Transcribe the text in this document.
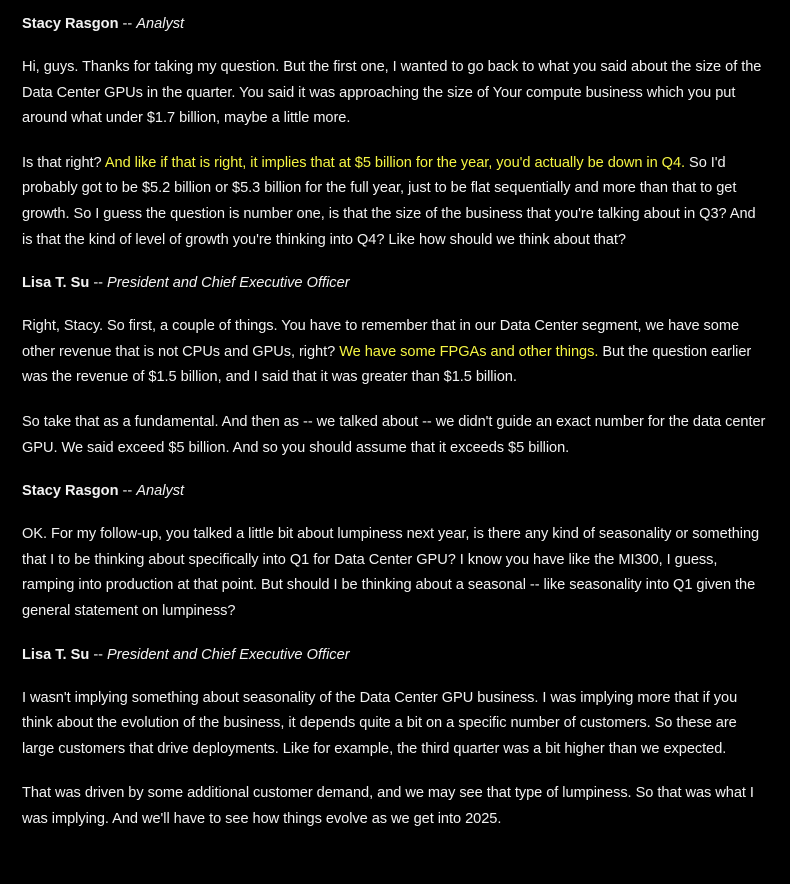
Stacy Rasgon -- Analyst

Hi, guys. Thanks for taking my question. But the first one, I wanted to go back to what you said about the size of the Data Center GPUs in the quarter. You said it was approaching the size of Your compute business which you put around what under $1.7 billion, maybe a little more.

Is that right? And like if that is right, it implies that at $5 billion for the year, you'd actually be down in Q4. So I'd probably got to be $5.2 billion or $5.3 billion for the full year, just to be flat sequentially and more than that to get growth. So I guess the question is number one, is that the size of the business that you're talking about in Q3? And is that the kind of level of growth you're thinking into Q4? Like how should we think about that?

Lisa T. Su -- President and Chief Executive Officer

Right, Stacy. So first, a couple of things. You have to remember that in our Data Center segment, we have some other revenue that is not CPUs and GPUs, right? We have some FPGAs and other things. But the question earlier was the revenue of $1.5 billion, and I said that it was greater than $1.5 billion.

So take that as a fundamental. And then as -- we talked about -- we didn't guide an exact number for the data center GPU. We said exceed $5 billion. And so you should assume that it exceeds $5 billion.

Stacy Rasgon -- Analyst

OK. For my follow-up, you talked a little bit about lumpiness next year, is there any kind of seasonality or something that I to be thinking about specifically into Q1 for Data Center GPU? I know you have like the MI300, I guess, ramping into production at that point. But should I be thinking about a seasonal -- like seasonality into Q1 given the general statement on lumpiness?

Lisa T. Su -- President and Chief Executive Officer

I wasn't implying something about seasonality of the Data Center GPU business. I was implying more that if you think about the evolution of the business, it depends quite a bit on a specific number of customers. So these are large customers that drive deployments. Like for example, the third quarter was a bit higher than we expected.

That was driven by some additional customer demand, and we may see that type of lumpiness. So that was what I was implying. And we'll have to see how things evolve as we get into 2025.
